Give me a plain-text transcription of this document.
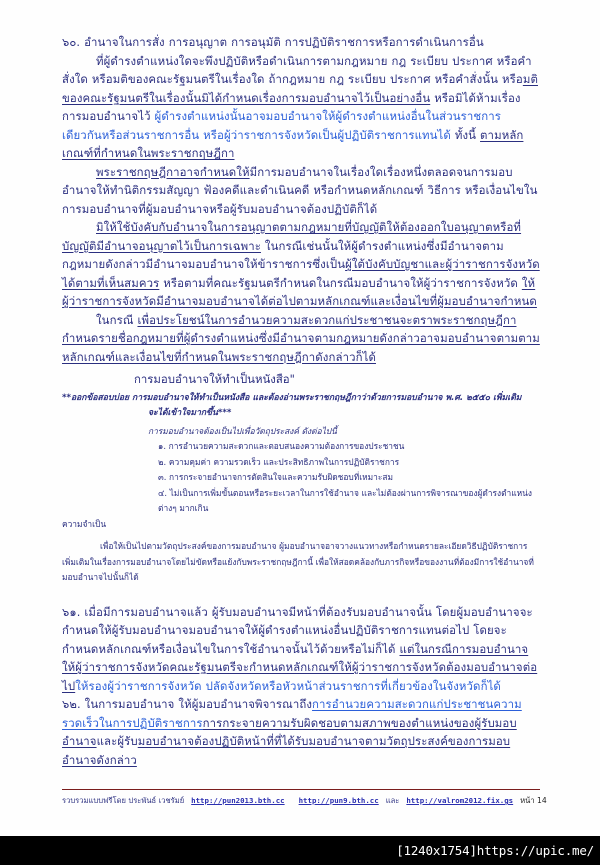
๖๐. อำนาจในการสั่ง การอนุญาต การอนุมัติ การปฏิบัติราชการหรือการดำเนินการอื่น

ที่ผู้ดำรงตำแหน่งใดจะพึงปฏิบัติหรือดำเนินการตามกฎหมาย กฎ ระเบียบ ประกาศ หรือคำสั่งใด หรือมติของคณะรัฐมนตรีในเรื่องใด ถ้ากฎหมาย กฎ ระเบียบ ประกาศ หรือคำสั่งนั้น หรือมติของคณะรัฐมนตรีในเรื่องนั้นมิได้กำหนดเรื่องการมอบอำนาจไว้เป็นอย่างอื่น หรือมิได้ห้ามเรื่องการมอบอำนาจไว้ ผู้ดำรงตำแหน่งนั้นอาจมอบอำนาจให้ผู้ดำรงตำแหน่งอื่นในส่วนราชการเดียวกันหรือส่วนราชการอื่น หรือผู้ว่าราชการจังหวัดเป็นผู้ปฏิบัติราชการแทนได้ ทั้งนี้ ตามหลักเกณฑ์ที่กำหนดในพระราชกฤษฎีกา

พระราชกฤษฎีกาอาจกำหนดให้มีการมอบอำนาจในเรื่องใดเรื่องหนึ่งตลอดจนการมอบอำนาจให้ทำนิติกรรมสัญญา ฟ้องคดีและดำเนินคดี หรือกำหนดหลักเกณฑ์ วิธีการ หรือเงื่อนไขในการมอบอำนาจที่ผู้มอบอำนาจหรือผู้รับมอบอำนาจต้องปฏิบัติก็ได้

มิให้ใช้บังคับกับอำนาจในการอนุญาตตามกฎหมายที่บัญญัติให้ต้องออกใบอนุญาตหรือที่บัญญัติมีอำนาจอนุญาตไว้เป็นการเฉพาะ ในกรณีเช่นนั้นให้ผู้ดำรงตำแหน่งซึ่งมีอำนาจตามกฎหมายดังกล่าวมีอำนาจมอบอำนาจให้ข้าราชการซึ่งเป็นผู้ใต้บังคับบัญชาและผู้ว่าราชการจังหวัดได้ตามที่เห็นสมควร หรือตามที่คณะรัฐมนตรีกำหนดในกรณีมอบอำนาจให้ผู้ว่าราชการจังหวัด ให้ผู้ว่าราชการจังหวัดมีอำนาจมอบอำนาจได้ต่อไปตามหลักเกณฑ์และเงื่อนไขที่ผู้มอบอำนาจกำหนด

ในกรณี เพื่อประโยชน์ในการอำนวยความสะดวกแก่ประชาชนจะตราพระราชกฤษฎีกากำหนดรายชื่อกฎหมายที่ผู้ดำรงตำแหน่งซึ่งมีอำนาจตามกฎหมายดังกล่าวอาจมอบอำนาจตามตามหลักเกณฑ์และเงื่อนไขที่กำหนดในพระราชกฤษฎีกาดังกล่าวก็ได้

การมอบอำนาจให้ทำเป็นหนังสือ"

**ออกข้อสอบบ่อย การมอบอำนาจให้ทำเป็นหนังสือ และต้องอ่านพระราชกฤษฎีกาว่าด้วยการมอบอำนาจ พ.ศ. ๒๕๕๐ เพิ่มเติม

จะได้เข้าใจมากขึ้น***

การมอบอำนาจต้องเป็นไปเพื่อวัตถุประสงค์ ดังต่อไปนี้

๑. การอำนวยความสะดวกและตอบสนองความต้องการของประชาชน

๒. ความคุมค่า ความรวดเร็ว และประสิทธิภาพในการปฏิบัติราชการ

๓. การกระจายอำนาจการตัดสินใจและความรับผิดชอบที่เหมาะสม

๔. ไม่เป็นการเพิ่มขั้นตอนหรือระยะเวลาในการใช้อำนาจ และไม่ต้องผ่านการพิจารณาของผู้ดำรงตำแหน่งต่างๆ มากเกิน

ความจำเป็น

เพื่อให้เป็นไปตามวัตถุประสงค์ของการมอบอำนาจ ผู้มอบอำนาจอาจวางแนวทางหรือกำหนดรายละเอียดวิธีปฏิบัติราชการเพิ่มเติมในเรื่องการมอบอำนาจโดยไม่ขัดหรือแย้งกับพระราชกฤษฎีกานี้ เพื่อให้สอดคล้องกับภารกิจหรือของงานที่ต้องมีการใช้อำนาจที่มอบอำนาจไปนั้นก็ได้

๖๑. เมื่อมีการมอบอำนาจแล้ว ผู้รับมอบอำนาจมีหน้าที่ต้องรับมอบอำนาจนั้น โดยผู้มอบอำนาจจะกำหนดให้ผู้รับมอบอำนาจมอบอำนาจให้ผู้ดำรงตำแหน่งอื่นปฏิบัติราชการแทนต่อไป โดยจะกำหนดหลักเกณฑ์หรือเงื่อนไขในการใช้อำนาจนั้นไว้ด้วยหรือไม่ก็ได้ แต่ในกรณีการมอบอำนาจให้ผู้ว่าราชการจังหวัดคณะรัฐมนตรีจะกำหนดหลักเกณฑ์ให้ผู้ว่าราชการจังหวัดต้องมอบอำนาจต่อไปให้รองผู้ว่าราชการจังหวัด ปลัดจังหวัดหรือหัวหน้าส่วนราชการที่เกี่ยวข้องในจังหวัดก็ได้

๖๒. ในการมอบอำนาจ ให้ผู้มอบอำนาจพิจารณาถึงการอำนวยความสะดวกแก่ประชาชนความรวดเร็วในการปฏิบัติราชการการกระจายความรับผิดชอบตามสภาพของตำแหน่งของผู้รับมอบอำนาจและผู้รับมอบอำนาจต้องปฏิบัติหน้าที่ที่ได้รับมอบอำนาจตามวัตถุประสงค์ของการมอบอำนาจดังกล่าว

รวบรวมแบบฟรีโดย ประพันธ์ เวชรัมย์ http://pun2013.bth.cc http://pun9.bth.cc และ http://valrom2012.fix.gs หน้า 14
[1240x1754]https://upic.me/
